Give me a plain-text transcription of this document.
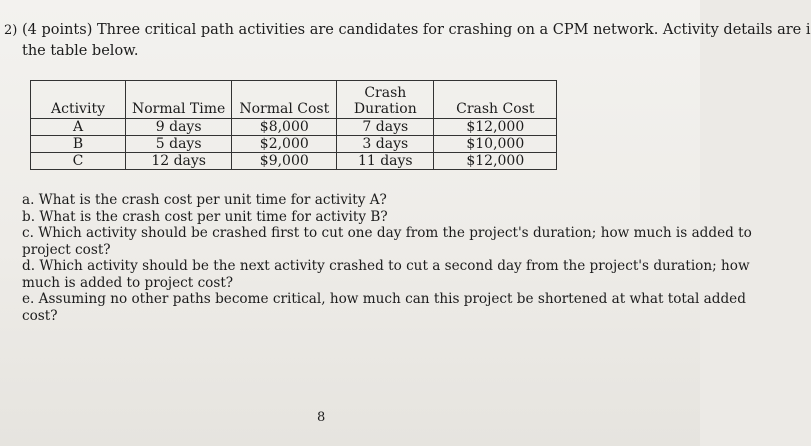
2) (4 points) Three critical path activities are candidates for crashing on a CPM network. Activity details are i
the table below.
Activity	Normal Time	Normal Cost	Crash Duration	Crash Cost
A	9 days	$8,000	7 days	$12,000
B	5 days	$2,000	3 days	$10,000
C	12 days	$9,000	11 days	$12,000
a. What is the crash cost per unit time for activity A?
b. What is the crash cost per unit time for activity B?
c. Which activity should be crashed first to cut one day from the project's duration; how much is added to
project cost?
d. Which activity should be the next activity crashed to cut a second day from the project's duration; how
much is added to project cost?
e. Assuming no other paths become critical, how much can this project be shortened at what total added
cost?
8
